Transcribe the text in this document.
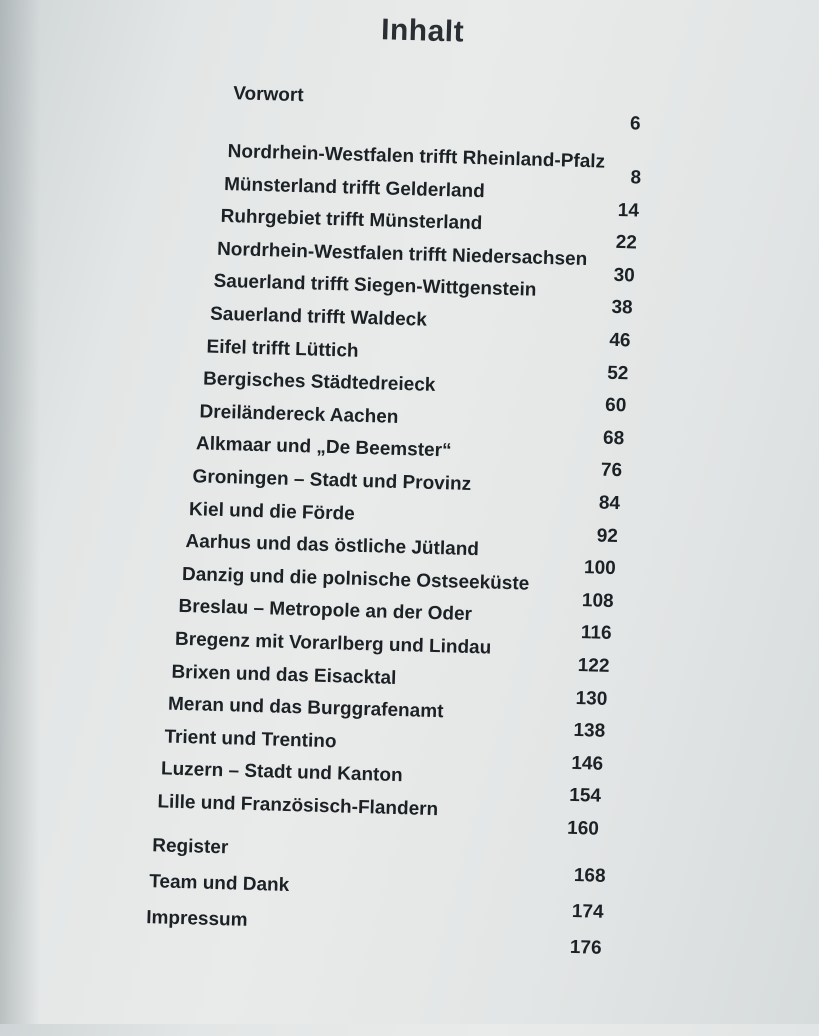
Inhalt
Vorwort
6
Nordrhein-Westfalen trifft Rheinland-Pfalz
8
Münsterland trifft Gelderland
14
Ruhrgebiet trifft Münsterland
22
Nordrhein-Westfalen trifft Niedersachsen
30
Sauerland trifft Siegen-Wittgenstein
38
Sauerland trifft Waldeck
46
Eifel trifft Lüttich
52
Bergisches Städtedreieck
60
Dreiländereck Aachen
68
Alkmaar und „De Beemster“
76
Groningen – Stadt und Provinz
84
Kiel und die Förde
92
Aarhus und das östliche Jütland
100
Danzig und die polnische Ostseeküste
108
Breslau – Metropole an der Oder
116
Bregenz mit Vorarlberg und Lindau
122
Brixen und das Eisacktal
130
Meran und das Burggrafenamt
138
Trient und Trentino
146
Luzern – Stadt und Kanton
154
Lille und Französisch-Flandern
160
Register
168
Team und Dank
174
Impressum
176
